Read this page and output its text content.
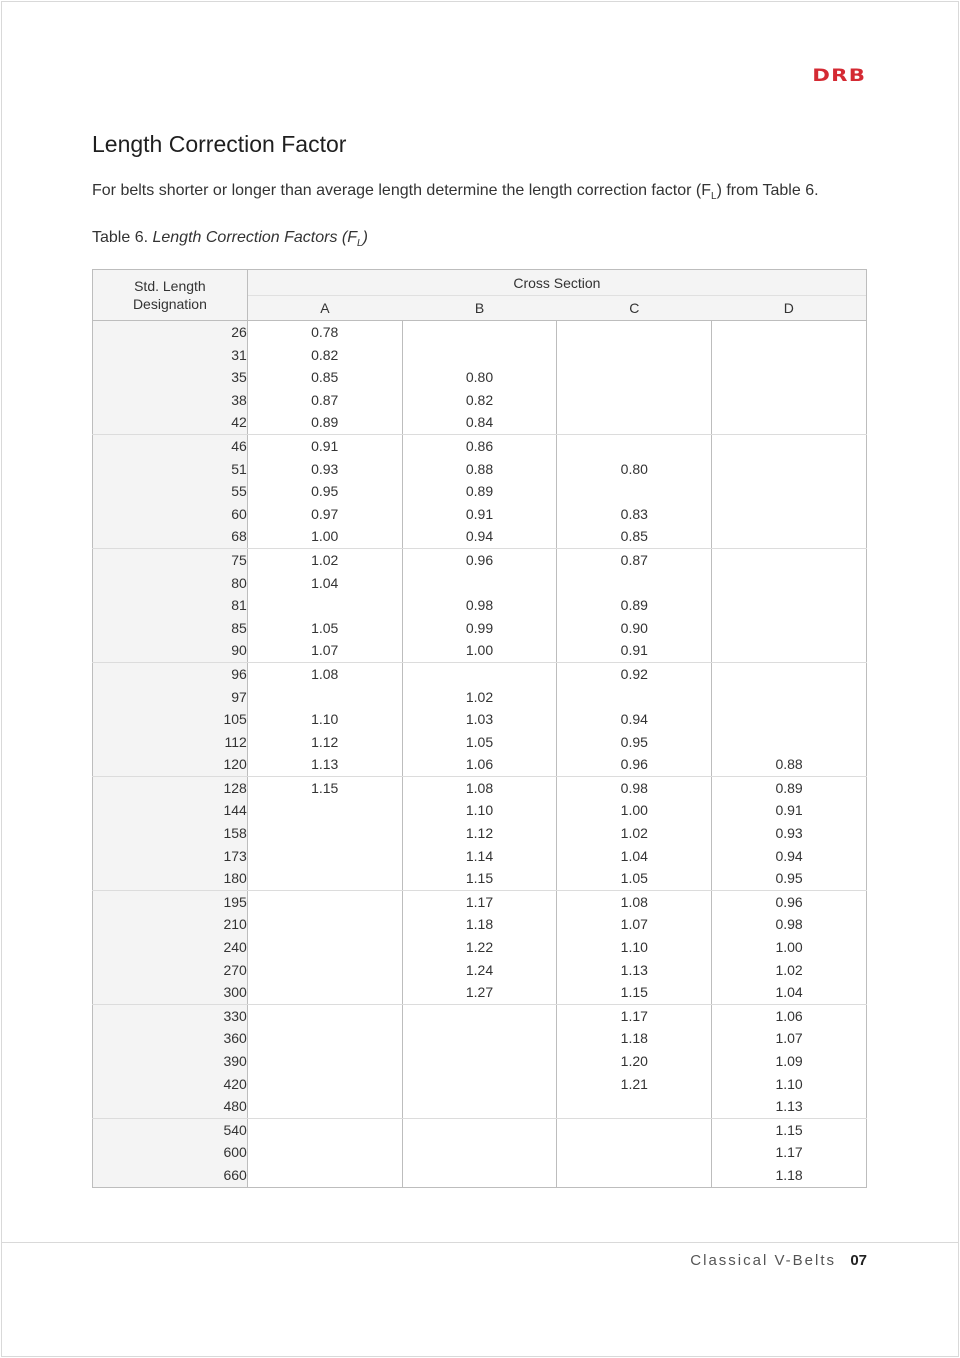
DRB
Length Correction Factor
For belts shorter or longer than average length determine the length correction factor $(F_L)$ from Table 6.
Table 6. Length Correction Factors $(F_L)$
Std. Length
Designation	Cross Section			
	A	B	C	D
26	0.78			
31	0.82			
35	0.85	0.80		
38	0.87	0.82		
42	0.89	0.84		
46	0.91	0.86		
51	0.93	0.88	0.80	
55	0.95	0.89		
60	0.97	0.91	0.83	
68	1.00	0.94	0.85	
75	1.02	0.96	0.87	
80	1.04			
81		0.98	0.89	
85	1.05	0.99	0.90	
90	1.07	1.00	0.91	
96	1.08		0.92	
97		1.02		
105	1.10	1.03	0.94	
112	1.12	1.05	0.95	
120	1.13	1.06	0.96	0.88
128	1.15	1.08	0.98	0.89
144		1.10	1.00	0.91
158		1.12	1.02	0.93
173		1.14	1.04	0.94
180		1.15	1.05	0.95
195		1.17	1.08	0.96
210		1.18	1.07	0.98
240		1.22	1.10	1.00
270		1.24	1.13	1.02
300		1.27	1.15	1.04
330			1.17	1.06
360			1.18	1.07
390			1.20	1.09
420			1.21	1.10
480				1.13
540				1.15
600				1.17
660				1.18
Classical V-Belts 07
